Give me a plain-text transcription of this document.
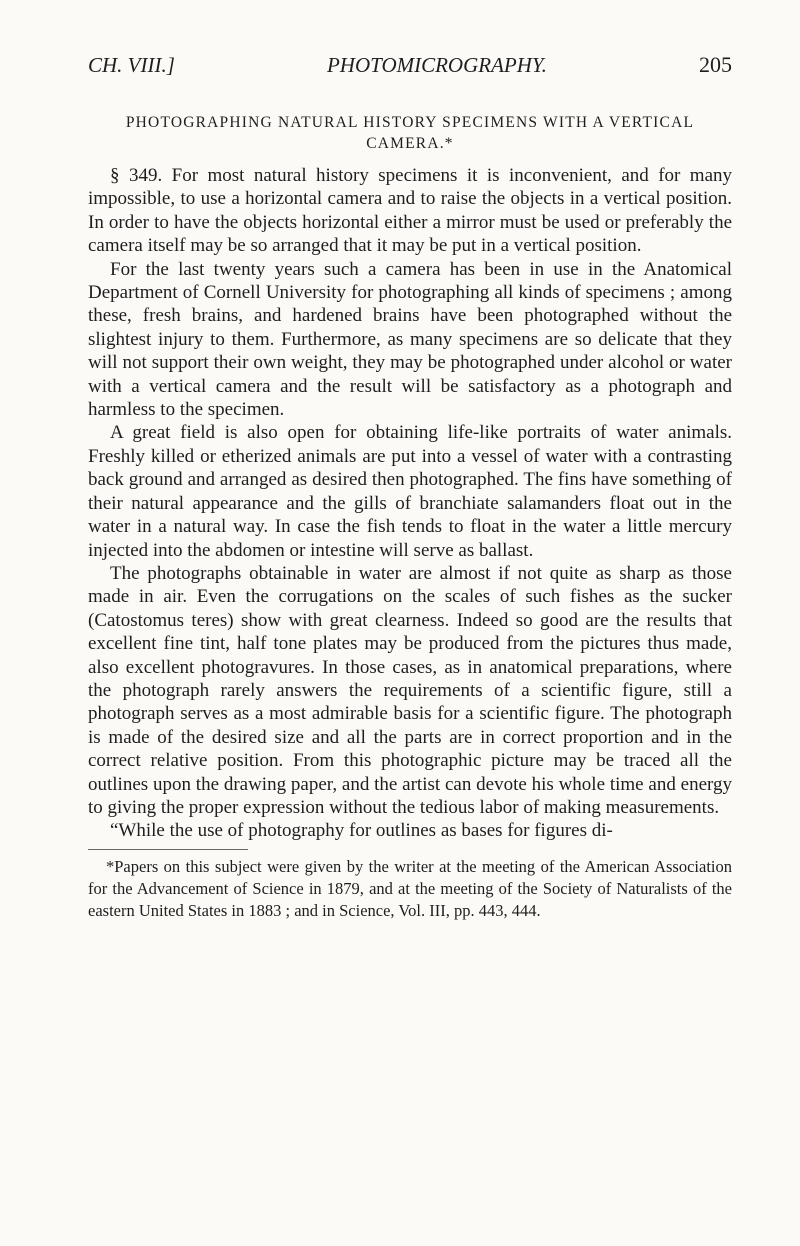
CH. VIII.]	PHOTOMICROGRAPHY.	205
PHOTOGRAPHING NATURAL HISTORY SPECIMENS WITH A VERTICAL CAMERA.*

§ 349. For most natural history specimens it is inconvenient, and for many impossible, to use a horizontal camera and to raise the objects in a vertical position. In order to have the objects horizontal either a mirror must be used or preferably the camera itself may be so arranged that it may be put in a vertical position.

For the last twenty years such a camera has been in use in the Anatomical Department of Cornell University for photographing all kinds of specimens ; among these, fresh brains, and hardened brains have been photographed without the slightest injury to them. Furthermore, as many specimens are so delicate that they will not support their own weight, they may be photographed under alcohol or water with a vertical camera and the result will be satisfactory as a photograph and harmless to the specimen.

A great field is also open for obtaining life-like portraits of water animals. Freshly killed or etherized animals are put into a vessel of water with a contrasting back ground and arranged as desired then photographed. The fins have something of their natural appearance and the gills of branchiate salamanders float out in the water in a natural way. In case the fish tends to float in the water a little mercury injected into the abdomen or intestine will serve as ballast.

The photographs obtainable in water are almost if not quite as sharp as those made in air. Even the corrugations on the scales of such fishes as the sucker (Catostomus teres) show with great clearness. Indeed so good are the results that excellent fine tint, half tone plates may be produced from the pictures thus made, also excellent photogravures. In those cases, as in anatomical preparations, where the photograph rarely answers the requirements of a scientific figure, still a photograph serves as a most admirable basis for a scientific figure. The photograph is made of the desired size and all the parts are in correct proportion and in the correct relative position. From this photographic picture may be traced all the outlines upon the drawing paper, and the artist can devote his whole time and energy to giving the proper expression without the tedious labor of making measurements.

“While the use of photography for outlines as bases for figures di-

*Papers on this subject were given by the writer at the meeting of the American Association for the Advancement of Science in 1879, and at the meeting of the Society of Naturalists of the eastern United States in 1883 ; and in Science, Vol. III, pp. 443, 444.
